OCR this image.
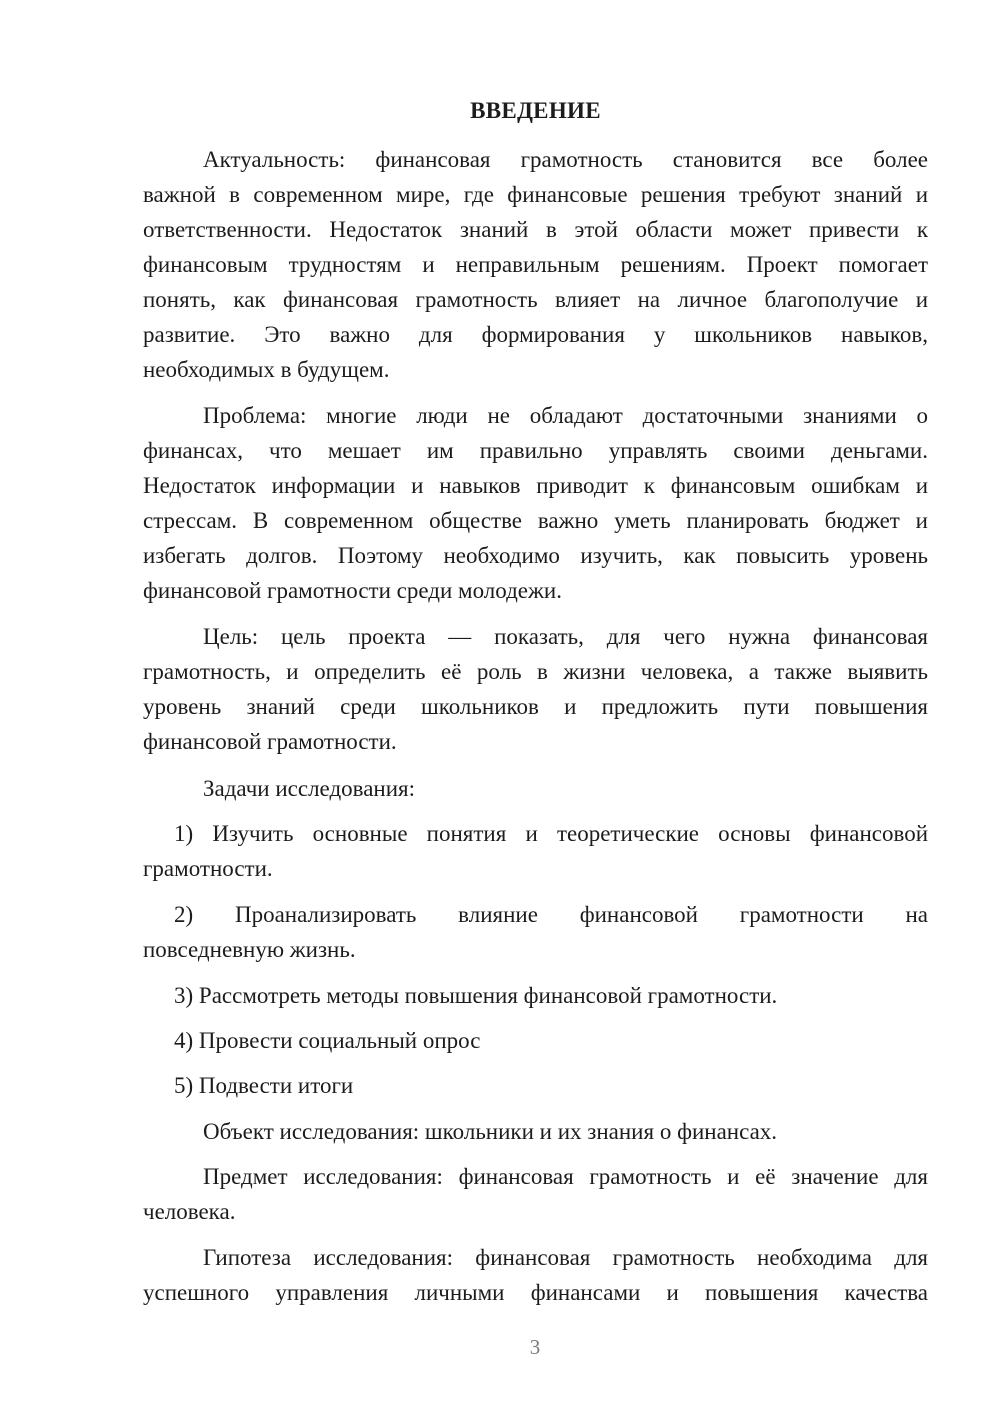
ВВЕДЕНИЕ
Актуальность: финансовая грамотность становится все более
важной в современном мире, где финансовые решения требуют знаний и
ответственности. Недостаток знаний в этой области может привести к
финансовым трудностям и неправильным решениям. Проект помогает
понять, как финансовая грамотность влияет на личное благополучие и
развитие. Это важно для формирования у школьников навыков,
необходимых в будущем.
Проблема: многие люди не обладают достаточными знаниями о
финансах, что мешает им правильно управлять своими деньгами.
Недостаток информации и навыков приводит к финансовым ошибкам и
стрессам. В современном обществе важно уметь планировать бюджет и
избегать долгов. Поэтому необходимо изучить, как повысить уровень
финансовой грамотности среди молодежи.
Цель: цель проекта — показать, для чего нужна финансовая
грамотность, и определить её роль в жизни человека, а также выявить
уровень знаний среди школьников и предложить пути повышения
финансовой грамотности.
Задачи исследования:
1) Изучить основные понятия и теоретические основы финансовой
грамотности.
2) Проанализировать влияние финансовой грамотности на
повседневную жизнь.
3) Рассмотреть методы повышения финансовой грамотности.
4) Провести социальный опрос
5) Подвести итоги
Объект исследования: школьники и их знания о финансах.
Предмет исследования: финансовая грамотность и её значение для
человека.
Гипотеза исследования: финансовая грамотность необходима для
успешного управления личными финансами и повышения качества
3
